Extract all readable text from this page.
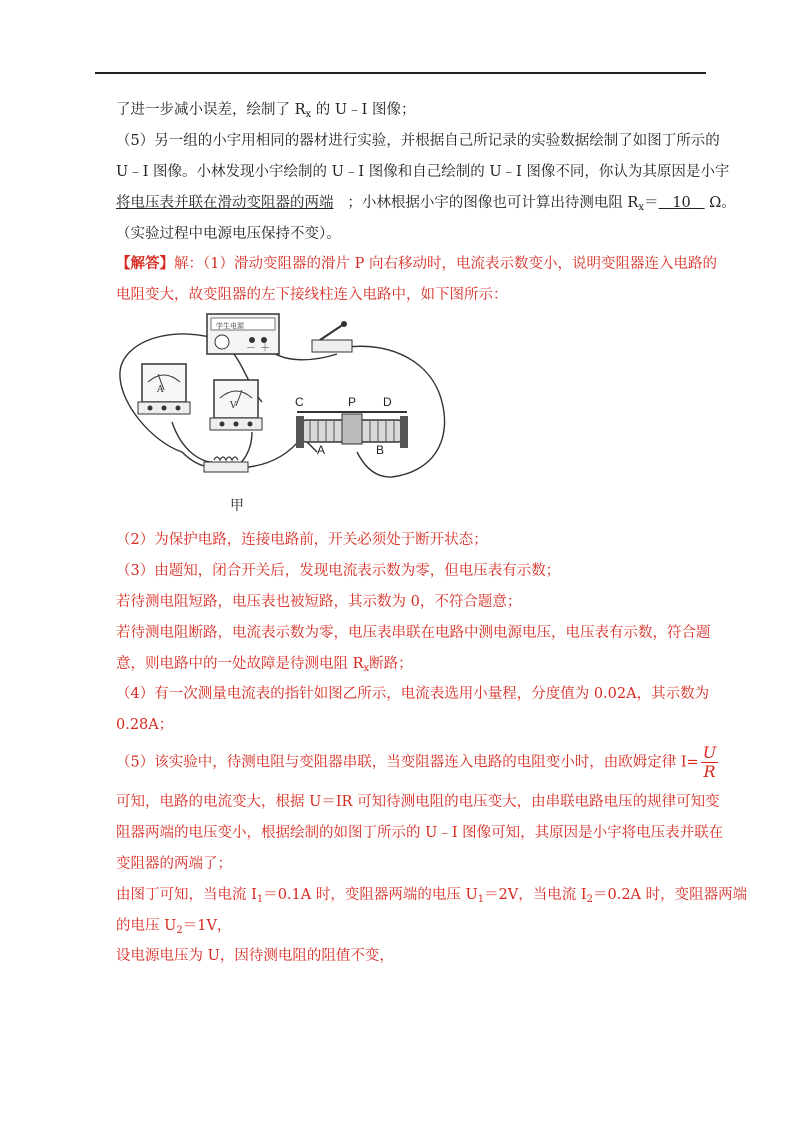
了进一步减小误差，绘制了 $R_x$ 的 U﹣I 图像；
（5）另一组的小宇用相同的器材进行实验，并根据自己所记录的实验数据绘制了如图丁所示的
U﹣I 图像。小林发现小宇绘制的 U﹣I 图像和自己绘制的 U﹣I 图像不同，你认为其原因是小宇
将电压表并联在滑动变阻器的两端 ；小林根据小宇的图像也可计算出待测电阻 $R_x= 10$ Ω。
（实验过程中电源电压保持不变）。
【解答】解：（1）滑动变阻器的滑片 P 向右移动时，电流表示数变小，说明变阻器连入电路的
电阻变大，故变阻器的左下接线柱连入电路中，如下图所示：
学生电源
－ ＋
A
V	C	P D
A	B
甲
（2）为保护电路，连接电路前，开关必须处于断开状态；
（3）由题知，闭合开关后，发现电流表示数为零，但电压表有示数；
若待测电阻短路，电压表也被短路，其示数为 0，不符合题意；
若待测电阻断路，电流表示数为零，电压表串联在电路中测电源电压，电压表有示数，符合题
意，则电路中的一处故障是待测电阻 $R_x$断路；
（4）有一次测量电流表的指针如图乙所示，电流表选用小量程，分度值为 0.02A，其示数为
0.28A；
（5）该实验中，待测电阻与变阻器串联，当变阻器连入电路的电阻变小时，由欧姆定律 $I= \frac{U}{R}$
可知，电路的电流变大，根据 U＝IR 可知待测电阻的电压变大，由串联电路电压的规律可知变
阻器两端的电压变小，根据绘制的如图丁所示的 U﹣I 图像可知，其原因是小宇将电压表并联在
变阻器的两端了；
由图丁可知，当电流 $I_1=0.1A$ 时，变阻器两端的电压 $U_1=2V$，当电流 $I_2=0.2A$ 时，变阻器两端
的电压 $U_2=1V$，
设电源电压为 U，因待测电阻的阻值不变，
